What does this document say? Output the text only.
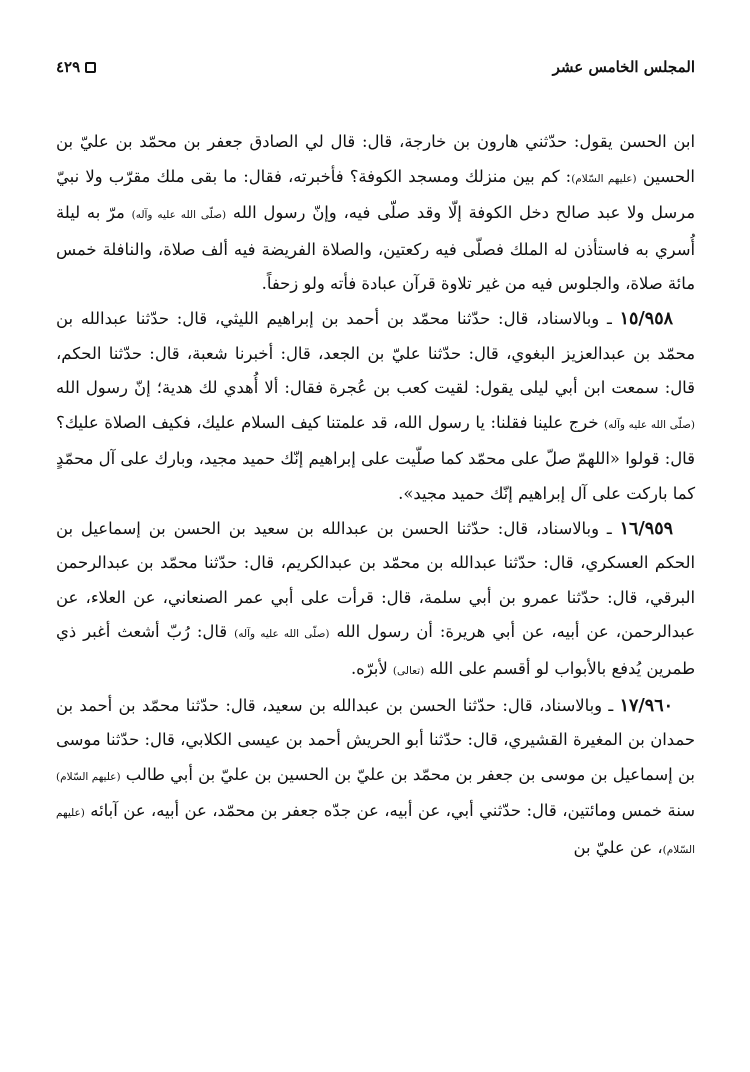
المجلس الخامس عشر
٤٢٩

ابن الحسن يقول: حدّثني هارون بن خارجة، قال: قال لي الصادق جعفر بن محمّد بن عليّ بن الحسين (عليهم السّلام): كم بين منزلك ومسجد الكوفة؟ فأخبرته، فقال: ما بقى ملك مقرّب ولا نبيّ مرسل ولا عبد صالح دخل الكوفة إلّا وقد صلّى فيه، وإنّ رسول الله (صلّى الله عليه وآله) مرّ به ليلة أُسري به فاستأذن له الملك فصلّى فيه ركعتين، والصلاة الفريضة فيه ألف صلاة، والنافلة خمس مائة صلاة، والجلوس فيه من غير تلاوة قرآن عبادة فأته ولو زحفاً.

١٥/٩٥٨ ـ وبالاسناد، قال: حدّثنا محمّد بن أحمد بن إبراهيم الليثي، قال: حدّثنا عبدالله بن محمّد بن عبدالعزيز البغوي، قال: حدّثنا عليّ بن الجعد، قال: أخبرنا شعبة، قال: حدّثنا الحكم، قال: سمعت ابن أبي ليلى يقول: لقيت كعب بن عُجرة فقال: ألا أُهدي لك هدية؛ إنّ رسول الله (صلّى الله عليه وآله) خرج علينا فقلنا: يا رسول الله، قد علمتنا كيف السلام عليك، فكيف الصلاة عليك؟ قال: قولوا «اللهمّ صلّ على محمّد كما صلّيت على إبراهيم إنّك حميد مجيد، وبارك على آل محمّدٍ كما باركت على آل إبراهيم إنّك حميد مجيد».

١٦/٩٥٩ ـ وبالاسناد، قال: حدّثنا الحسن بن عبدالله بن سعيد بن الحسن بن إسماعيل بن الحكم العسكري، قال: حدّثنا عبدالله بن محمّد بن عبدالكريم، قال: حدّثنا محمّد بن عبدالرحمن البرقي، قال: حدّثنا عمرو بن أبي سلمة، قال: قرأت على أبي عمر الصنعاني، عن العلاء، عن عبدالرحمن، عن أبيه، عن أبي هريرة: أن رسول الله (صلّى الله عليه وآله) قال: رُبّ أشعث أغبر ذي طمرين يُدفع بالأبواب لو أقسم على الله (تعالى) لأبرّه.

١٧/٩٦٠ ـ وبالاسناد، قال: حدّثنا الحسن بن عبدالله بن سعيد، قال: حدّثنا محمّد بن أحمد بن حمدان بن المغيرة القشيري، قال: حدّثنا أبو الحريش أحمد بن عيسى الكلابي، قال: حدّثنا موسى بن إسماعيل بن موسى بن جعفر بن محمّد بن عليّ بن الحسين بن عليّ بن أبي طالب (عليهم السّلام) سنة خمس ومائتين، قال: حدّثني أبي، عن أبيه، عن جدّه جعفر بن محمّد، عن أبيه، عن آبائه (عليهم السّلام)، عن عليّ بن
